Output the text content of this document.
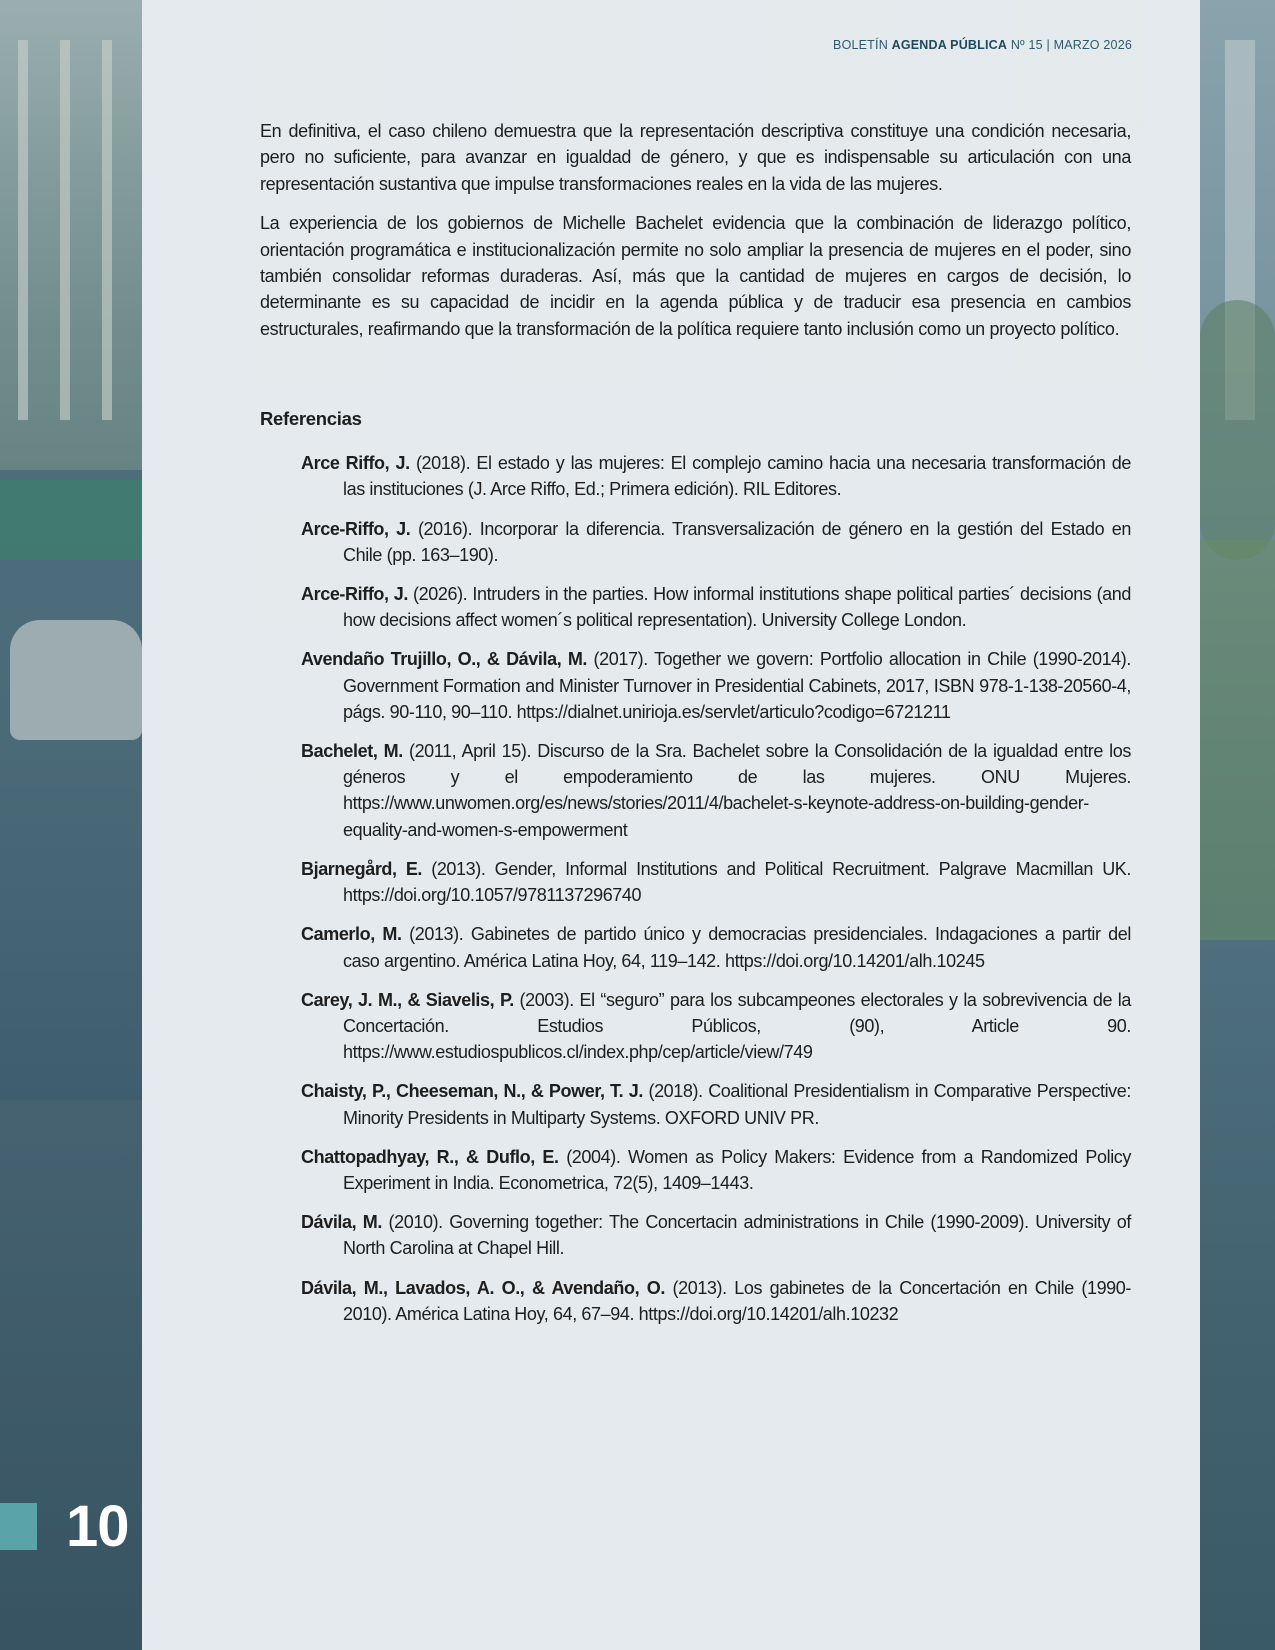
BOLETÍN AGENDA PÚBLICA Nº 15 | MARZO 2026

En definitiva, el caso chileno demuestra que la representación descriptiva constituye una condición necesaria, pero no suficiente, para avanzar en igualdad de género, y que es indispensable su articulación con una representación sustantiva que impulse transformaciones reales en la vida de las mujeres.

La experiencia de los gobiernos de Michelle Bachelet evidencia que la combinación de liderazgo político, orientación programática e institucionalización permite no solo ampliar la presencia de mujeres en el poder, sino también consolidar reformas duraderas. Así, más que la cantidad de mujeres en cargos de decisión, lo determinante es su capacidad de incidir en la agenda pública y de traducir esa presencia en cambios estructurales, reafirmando que la transformación de la política requiere tanto inclusión como un proyecto político.

Referencias

Arce Riffo, J. (2018). El estado y las mujeres: El complejo camino hacia una necesaria transformación de las instituciones (J. Arce Riffo, Ed.; Primera edición). RIL Editores.

Arce-Riffo, J. (2016). Incorporar la diferencia. Transversalización de género en la gestión del Estado en Chile (pp. 163–190).

Arce-Riffo, J. (2026). Intruders in the parties. How informal institutions shape political parties´ decisions (and how decisions affect women´s political representation). University College London.

Avendaño Trujillo, O., & Dávila, M. (2017). Together we govern: Portfolio allocation in Chile (1990-2014). Government Formation and Minister Turnover in Presidential Cabinets, 2017, ISBN 978-1-138-20560-4, págs. 90-110, 90–110. https://dialnet.unirioja.es/servlet/articulo?codigo=6721211

Bachelet, M. (2011, April 15). Discurso de la Sra. Bachelet sobre la Consolidación de la igualdad entre los géneros y el empoderamiento de las mujeres. ONU Mujeres. https://www.unwomen.org/es/news/stories/2011/4/bachelet-s-keynote-address-on-building-gender-equality-and-women-s-empowerment

Bjarnegård, E. (2013). Gender, Informal Institutions and Political Recruitment. Palgrave Macmillan UK. https://doi.org/10.1057/9781137296740

Camerlo, M. (2013). Gabinetes de partido único y democracias presidenciales. Indagaciones a partir del caso argentino. América Latina Hoy, 64, 119–142. https://doi.org/10.14201/alh.10245

Carey, J. M., & Siavelis, P. (2003). El “seguro” para los subcampeones electorales y la sobrevivencia de la Concertación. Estudios Públicos, (90), Article 90. https://www.estudiospublicos.cl/index.php/cep/article/view/749

Chaisty, P., Cheeseman, N., & Power, T. J. (2018). Coalitional Presidentialism in Comparative Perspective: Minority Presidents in Multiparty Systems. OXFORD UNIV PR.

Chattopadhyay, R., & Duflo, E. (2004). Women as Policy Makers: Evidence from a Randomized Policy Experiment in India. Econometrica, 72(5), 1409–1443.

Dávila, M. (2010). Governing together: The Concertacin administrations in Chile (1990-2009). University of North Carolina at Chapel Hill.

Dávila, M., Lavados, A. O., & Avendaño, O. (2013). Los gabinetes de la Concertación en Chile (1990-2010). América Latina Hoy, 64, 67–94. https://doi.org/10.14201/alh.10232

10
